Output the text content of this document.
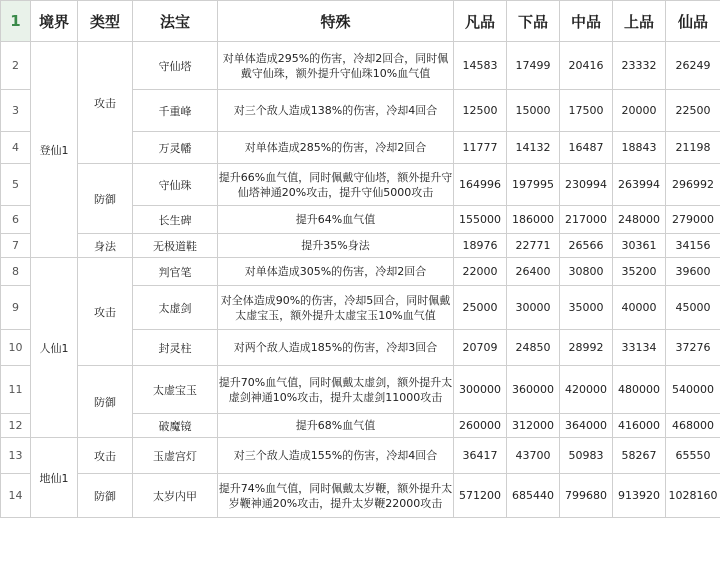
1	境界	类型	法宝	特殊	凡品	下品	中品	上品	仙品
2	登仙1	攻击	守仙塔	对单体造成295%的伤害，冷却2回合，同时佩戴守仙珠，额外提升守仙珠10%血气值	14583	17499	20416	23332	26249
3			千重峰	对三个敌人造成138%的伤害，冷却4回合	12500	15000	17500	20000	22500
4			万灵幡	对单体造成285%的伤害，冷却2回合	11777	14132	16487	18843	21198
5		防御	守仙珠	提升66%血气值，同时佩戴守仙塔，额外提升守仙塔神通20%攻击，提升守仙5000攻击	164996	197995	230994	263994	296992
6			长生碑	提升64%血气值	155000	186000	217000	248000	279000
7		身法	无极道鞋	提升35%身法	18976	22771	26566	30361	34156
8	人仙1	攻击	判官笔	对单体造成305%的伤害，冷却2回合	22000	26400	30800	35200	39600
9			太虚剑	对全体造成90%的伤害，冷却5回合，同时佩戴太虚宝玉，额外提升太虚宝玉10%血气值	25000	30000	35000	40000	45000
10			封灵柱	对两个敌人造成185%的伤害，冷却3回合	20709	24850	28992	33134	37276
11		防御	太虚宝玉	提升70%血气值，同时佩戴太虚剑，额外提升太虚剑神通10%攻击，提升太虚剑11000攻击	300000	360000	420000	480000	540000
12			破魔镜	提升68%血气值	260000	312000	364000	416000	468000
13	地仙1	攻击	玉虚宫灯	对三个敌人造成155%的伤害，冷却4回合	36417	43700	50983	58267	65550
14		防御	太岁内甲	提升74%血气值，同时佩戴太岁鞭，额外提升太岁鞭神通20%攻击，提升太岁鞭22000攻击	571200	685440	799680	913920	1028160
